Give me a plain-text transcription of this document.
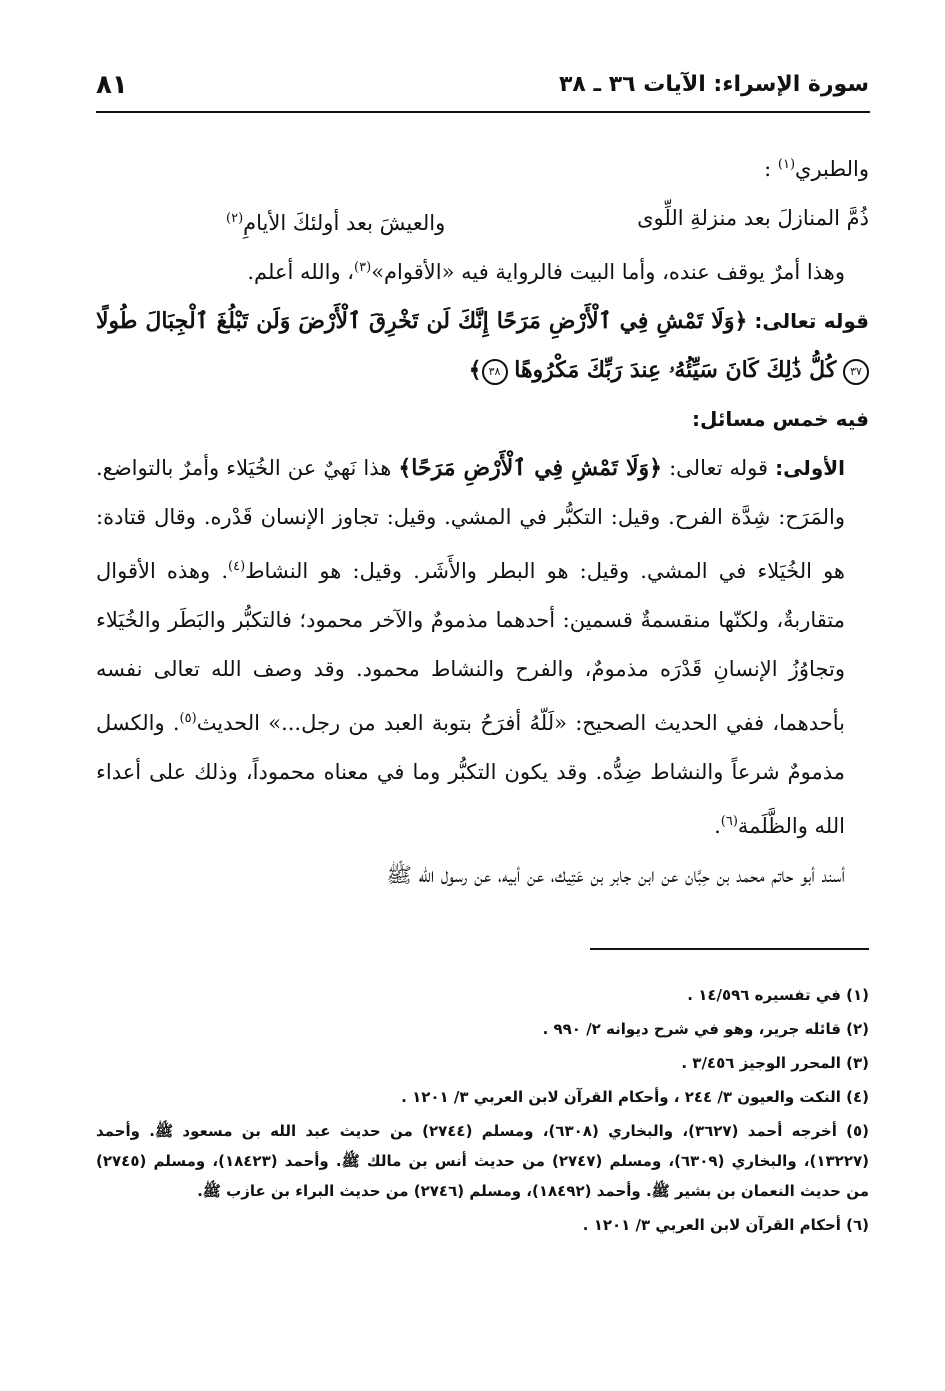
سورة الإسراء: الآيات ٣٦ ـ ٣٨
٨١
والطبري$^{(١)}$ :
ذُمَّ المنازلَ بعد منزلةِ اللِّوى
والعيشَ بعد أولئكَ الأيامِ$^{(٢)}$
وهذا أمرٌ يوقف عنده، وأما البيت فالرواية فيه «الأقوام»$^{(٣)}$، والله أعلم.
قوله تعالى: ﴿وَلَا تَمْشِ فِي ٱلْأَرْضِ مَرَحًا إِنَّكَ لَن تَخْرِقَ ٱلْأَرْضَ وَلَن تَبْلُغَ ٱلْجِبَالَ طُولًا ٣٧ كُلُّ ذَٰلِكَ كَانَ سَيِّئُهُۥ عِندَ رَبِّكَ مَكْرُوهًا ٣٨﴾
فيه خمس مسائل:
الأولى: قوله تعالى: ﴿وَلَا تَمْشِ فِي ٱلْأَرْضِ مَرَحًا﴾ هذا نَهيٌ عن الخُيَلاء وأمرٌ بالتواضع. والمَرَح: شِدَّة الفرح. وقيل: التكبُّر في المشي. وقيل: تجاوز الإنسان قَدْره. وقال قتادة: هو الخُيَلاء في المشي. وقيل: هو البطر والأَشَر. وقيل: هو النشاط$^{(٤)}$. وهذه الأقوال متقاربةٌ، ولكنّها منقسمةٌ قسمين: أحدهما مذمومٌ والآخر محمود؛ فالتكبُّر والبَطَر والخُيَلاء وتجاوُزُ الإنسانِ قَدْرَه مذمومٌ، والفرح والنشاط محمود. وقد وصف الله تعالى نفسه بأحدهما، ففي الحديث الصحيح: «لَلّهُ أفرَحُ بتوبة العبد من رجل...» الحديث$^{(٥)}$. والكسل مذمومٌ شرعاً والنشاط ضِدُّه. وقد يكون التكبُّر وما في معناه محموداً، وذلك على أعداء الله والظَّلَمة$^{(٦)}$.
أسند أبو حاتم محمد بن حِبَّان عن ابن جابر بن عَتِيك، عن أبيه، عن رسول الله ﷺ
(١) في تفسيره ١٤/٥٩٦ .
(٢) قائله جرير، وهو في شرح ديوانه ٢/ ٩٩٠ .
(٣) المحرر الوجيز ٣/٤٥٦ .
(٤) النكت والعيون ٣/ ٢٤٤ ، وأحكام القرآن لابن العربي ٣/ ١٢٠١ .
(٥) أخرجه أحمد (٣٦٢٧)، والبخاري (٦٣٠٨)، ومسلم (٢٧٤٤) من حديث عبد الله بن مسعود ﷺ. وأحمد (١٣٢٢٧)، والبخاري (٦٣٠٩)، ومسلم (٢٧٤٧) من حديث أنس بن مالك ﷺ. وأحمد (١٨٤٢٣)، ومسلم (٢٧٤٥) من حديث النعمان بن بشير ﷺ. وأحمد (١٨٤٩٢)، ومسلم (٢٧٤٦) من حديث البراء بن عازب ﷺ.
(٦) أحكام القرآن لابن العربي ٣/ ١٢٠١ .
